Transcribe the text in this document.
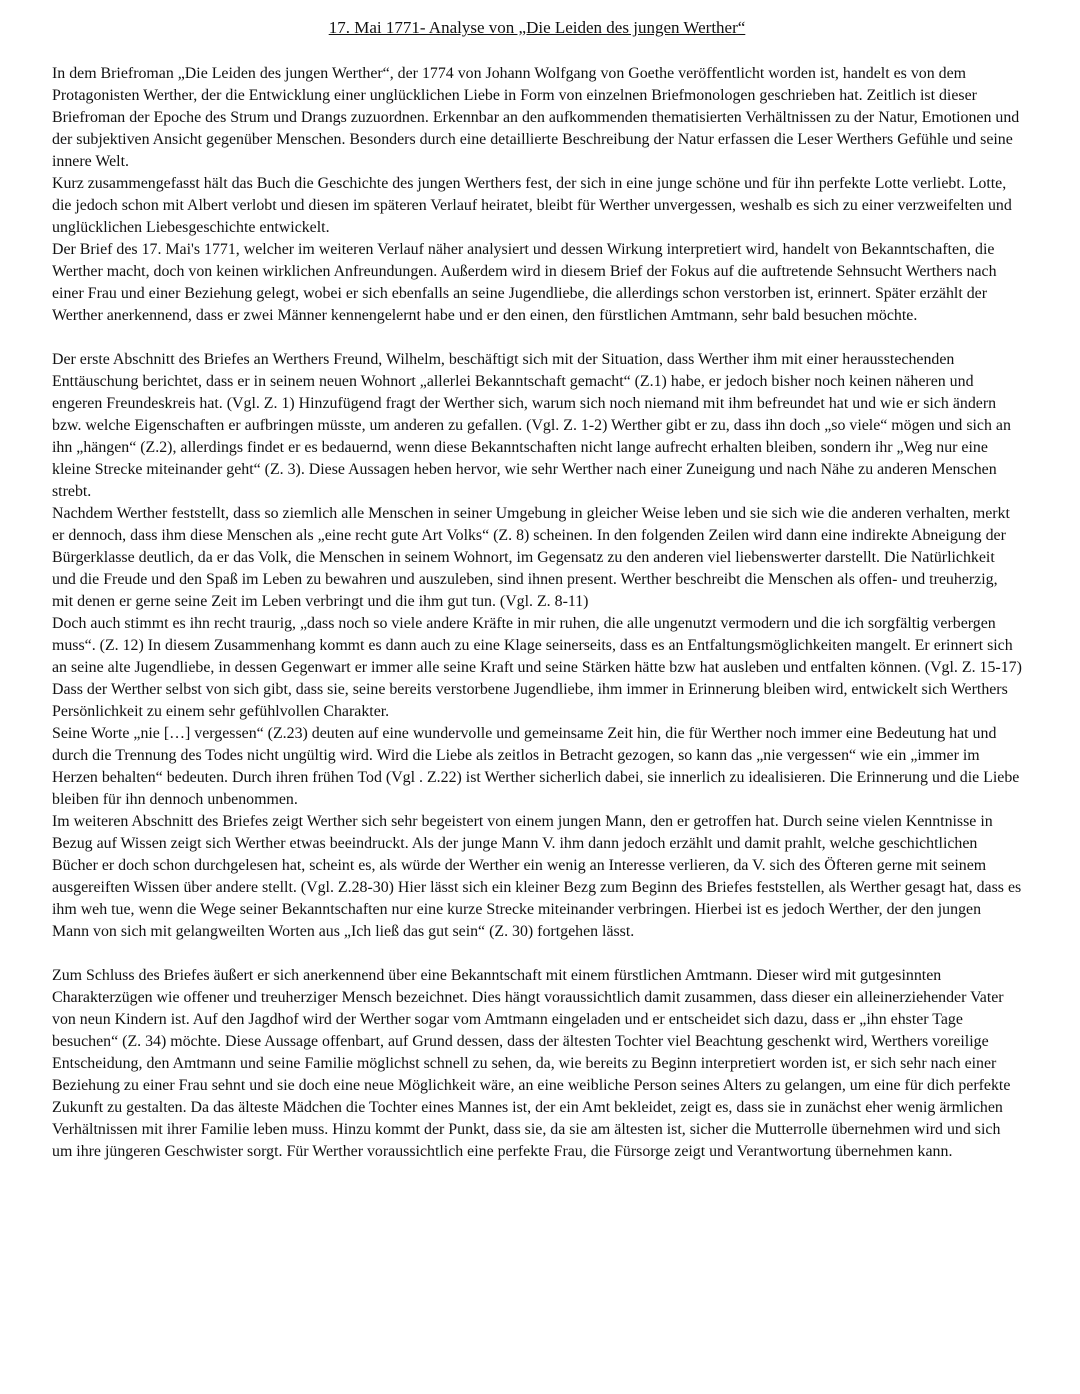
17. Mai 1771- Analyse von „Die Leiden des jungen Werther“

In dem Briefroman „Die Leiden des jungen Werther“, der 1774 von Johann Wolfgang von Goethe veröffentlicht worden ist, handelt es von dem Protagonisten Werther, der die Entwicklung einer unglücklichen Liebe in Form von einzelnen Briefmonologen geschrieben hat. Zeitlich ist dieser Briefroman der Epoche des Strum und Drangs zuzuordnen. Erkennbar an den aufkommenden thematisierten Verhältnissen zu der Natur, Emotionen und der subjektiven Ansicht gegenüber Menschen. Besonders durch eine detaillierte Beschreibung der Natur erfassen die Leser Werthers Gefühle und seine innere Welt.

Kurz zusammengefasst hält das Buch die Geschichte des jungen Werthers fest, der sich in eine junge schöne und für ihn perfekte Lotte verliebt. Lotte, die jedoch schon mit Albert verlobt und diesen im späteren Verlauf heiratet, bleibt für Werther unvergessen, weshalb es sich zu einer verzweifelten und unglücklichen Liebesgeschichte entwickelt.

Der Brief des 17. Mai's 1771, welcher im weiteren Verlauf näher analysiert und dessen Wirkung interpretiert wird, handelt von Bekanntschaften, die Werther macht, doch von keinen wirklichen Anfreundungen. Außerdem wird in diesem Brief der Fokus auf die auftretende Sehnsucht Werthers nach einer Frau und einer Beziehung gelegt, wobei er sich ebenfalls an seine Jugendliebe, die allerdings schon verstorben ist, erinnert. Später erzählt der Werther anerkennend, dass er zwei Männer kennengelernt habe und er den einen, den fürstlichen Amtmann, sehr bald besuchen möchte.

Der erste Abschnitt des Briefes an Werthers Freund, Wilhelm, beschäftigt sich mit der Situation, dass Werther ihm mit einer herausstechenden Enttäuschung berichtet, dass er in seinem neuen Wohnort „allerlei Bekanntschaft gemacht“ (Z.1) habe, er jedoch bisher noch keinen näheren und engeren Freundeskreis hat. (Vgl. Z. 1) Hinzufügend fragt der Werther sich, warum sich noch niemand mit ihm befreundet hat und wie er sich ändern bzw. welche Eigenschaften er aufbringen müsste, um anderen zu gefallen. (Vgl. Z. 1-2) Werther gibt er zu, dass ihn doch „so viele“ mögen und sich an ihn „hängen“ (Z.2), allerdings findet er es bedauernd, wenn diese Bekanntschaften nicht lange aufrecht erhalten bleiben, sondern ihr „Weg nur eine kleine Strecke miteinander geht“ (Z. 3). Diese Aussagen heben hervor, wie sehr Werther nach einer Zuneigung und nach Nähe zu anderen Menschen strebt.

Nachdem Werther feststellt, dass so ziemlich alle Menschen in seiner Umgebung in gleicher Weise leben und sie sich wie die anderen verhalten, merkt er dennoch, dass ihm diese Menschen als „eine recht gute Art Volks“ (Z. 8) scheinen. In den folgenden Zeilen wird dann eine indirekte Abneigung der Bürgerklasse deutlich, da er das Volk, die Menschen in seinem Wohnort, im Gegensatz zu den anderen viel liebenswerter darstellt. Die Natürlichkeit und die Freude und den Spaß im Leben zu bewahren und auszuleben, sind ihnen present. Werther beschreibt die Menschen als offen- und treuherzig, mit denen er gerne seine Zeit im Leben verbringt und die ihm gut tun. (Vgl. Z. 8-11)

Doch auch stimmt es ihn recht traurig, „dass noch so viele andere Kräfte in mir ruhen, die alle ungenutzt vermodern und die ich sorgfältig verbergen muss“. (Z. 12) In diesem Zusammenhang kommt es dann auch zu eine Klage seinerseits, dass es an Entfaltungsmöglichkeiten mangelt. Er erinnert sich an seine alte Jugendliebe, in dessen Gegenwart er immer alle seine Kraft und seine Stärken hätte bzw hat ausleben und entfalten können. (Vgl. Z. 15-17) Dass der Werther selbst von sich gibt, dass sie, seine bereits verstorbene Jugendliebe, ihm immer in Erinnerung bleiben wird, entwickelt sich Werthers Persönlichkeit zu einem sehr gefühlvollen Charakter.

Seine Worte „nie […] vergessen“ (Z.23) deuten auf eine wundervolle und gemeinsame Zeit hin, die für Werther noch immer eine Bedeutung hat und durch die Trennung des Todes nicht ungültig wird. Wird die Liebe als zeitlos in Betracht gezogen, so kann das „nie vergessen“ wie ein „immer im Herzen behalten“ bedeuten. Durch ihren frühen Tod (Vgl . Z.22) ist Werther sicherlich dabei, sie innerlich zu idealisieren. Die Erinnerung und die Liebe bleiben für ihn dennoch unbenommen.

Im weiteren Abschnitt des Briefes zeigt Werther sich sehr begeistert von einem jungen Mann, den er getroffen hat. Durch seine vielen Kenntnisse in Bezug auf Wissen zeigt sich Werther etwas beeindruckt. Als der junge Mann V. ihm dann jedoch erzählt und damit prahlt, welche geschichtlichen Bücher er doch schon durchgelesen hat, scheint es, als würde der Werther ein wenig an Interesse verlieren, da V. sich des Öfteren gerne mit seinem ausgereiften Wissen über andere stellt. (Vgl. Z.28-30) Hier lässt sich ein kleiner Bezg zum Beginn des Briefes feststellen, als Werther gesagt hat, dass es ihm weh tue, wenn die Wege seiner Bekanntschaften nur eine kurze Strecke miteinander verbringen. Hierbei ist es jedoch Werther, der den jungen Mann von sich mit gelangweilten Worten aus „Ich ließ das gut sein“ (Z. 30) fortgehen lässt.

Zum Schluss des Briefes äußert er sich anerkennend über eine Bekanntschaft mit einem fürstlichen Amtmann. Dieser wird mit gutgesinnten Charakterzügen wie offener und treuherziger Mensch bezeichnet. Dies hängt voraussichtlich damit zusammen, dass dieser ein alleinerziehender Vater von neun Kindern ist. Auf den Jagdhof wird der Werther sogar vom Amtmann eingeladen und er entscheidet sich dazu, dass er „ihn ehster Tage besuchen“ (Z. 34) möchte. Diese Aussage offenbart, auf Grund dessen, dass der ältesten Tochter viel Beachtung geschenkt wird, Werthers voreilige Entscheidung, den Amtmann und seine Familie möglichst schnell zu sehen, da, wie bereits zu Beginn interpretiert worden ist, er sich sehr nach einer Beziehung zu einer Frau sehnt und sie doch eine neue Möglichkeit wäre, an eine weibliche Person seines Alters zu gelangen, um eine für dich perfekte Zukunft zu gestalten. Da das älteste Mädchen die Tochter eines Mannes ist, der ein Amt bekleidet, zeigt es, dass sie in zunächst eher wenig ärmlichen Verhältnissen mit ihrer Familie leben muss. Hinzu kommt der Punkt, dass sie, da sie am ältesten ist, sicher die Mutterrolle übernehmen wird und sich um ihre jüngeren Geschwister sorgt. Für Werther voraussichtlich eine perfekte Frau, die Fürsorge zeigt und Verantwortung übernehmen kann.
